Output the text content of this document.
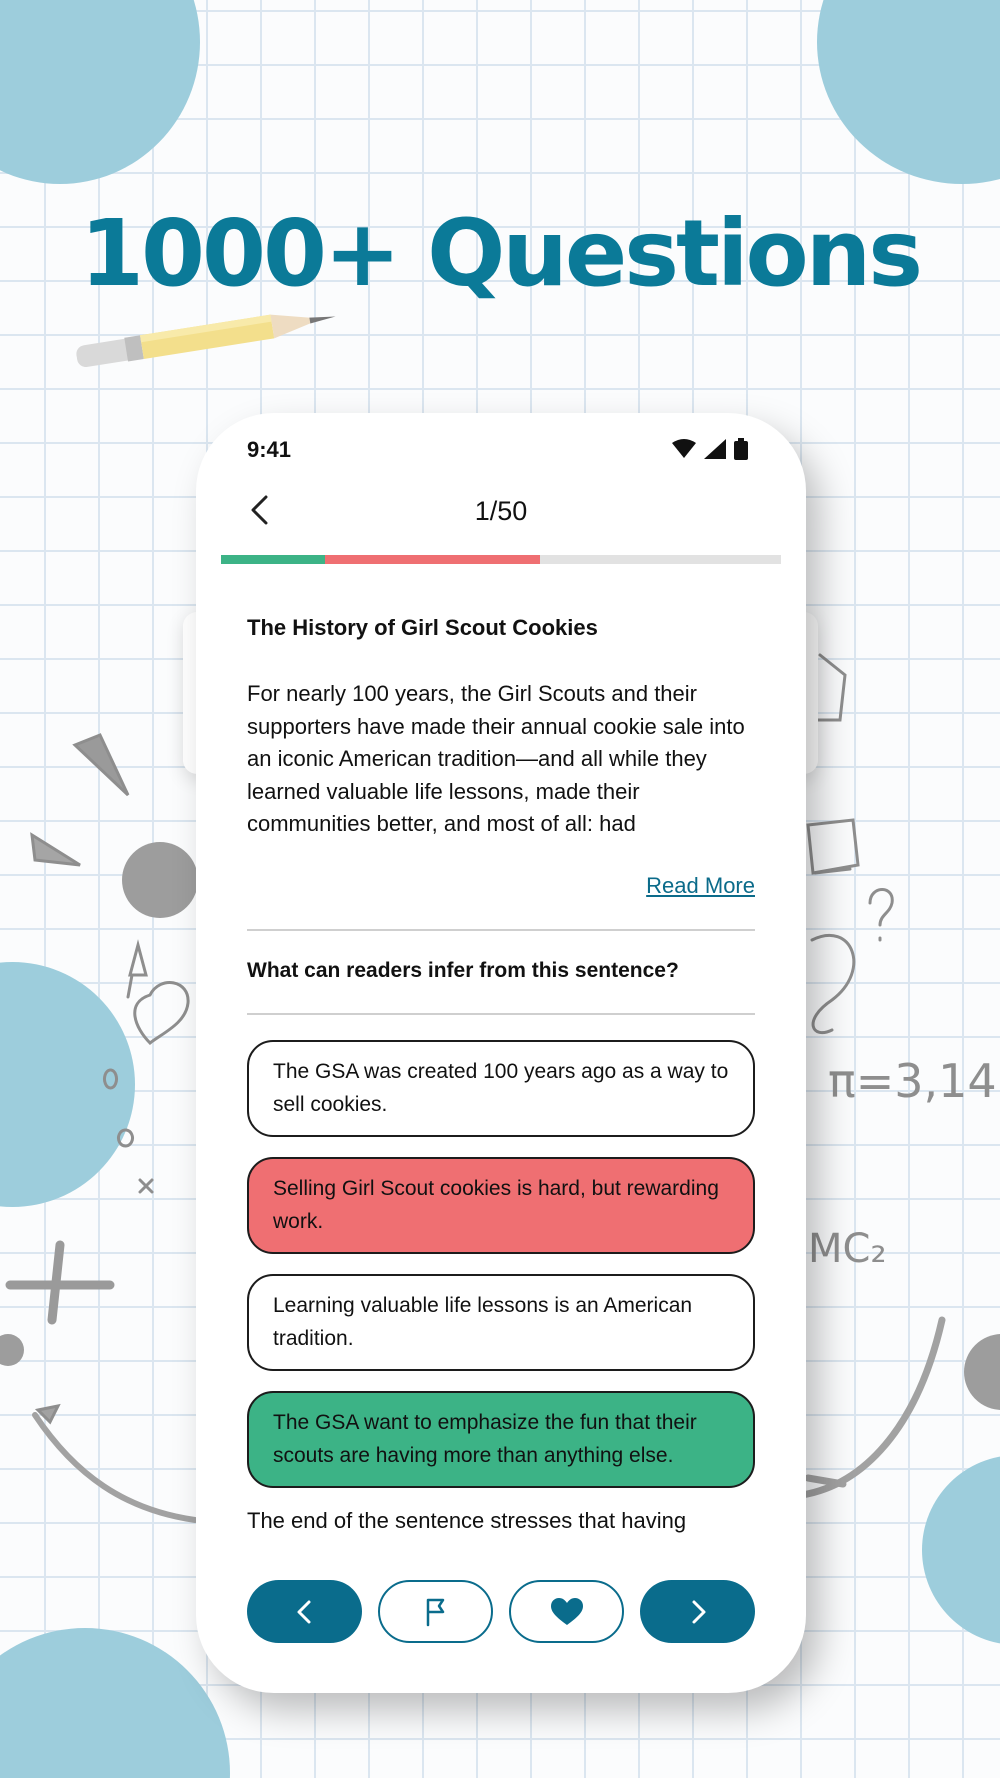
π=3,14
MC₂
1000+ Questions
9:41
1/50
The History of Girl Scout Cookies
For nearly 100 years, the Girl Scouts and their supporters have made their annual cookie sale into an iconic American tradition—and all while they learned valuable life lessons, made their communities better, and most of all: had
Read More
What can readers infer from this sentence?
The GSA was created 100 years ago as a way to sell cookies.
Selling Girl Scout cookies is hard, but rewarding work.
Learning valuable life lessons is an American tradition.
The GSA want to emphasize the fun that their scouts are having more than anything else.
The end of the sentence stresses that having
